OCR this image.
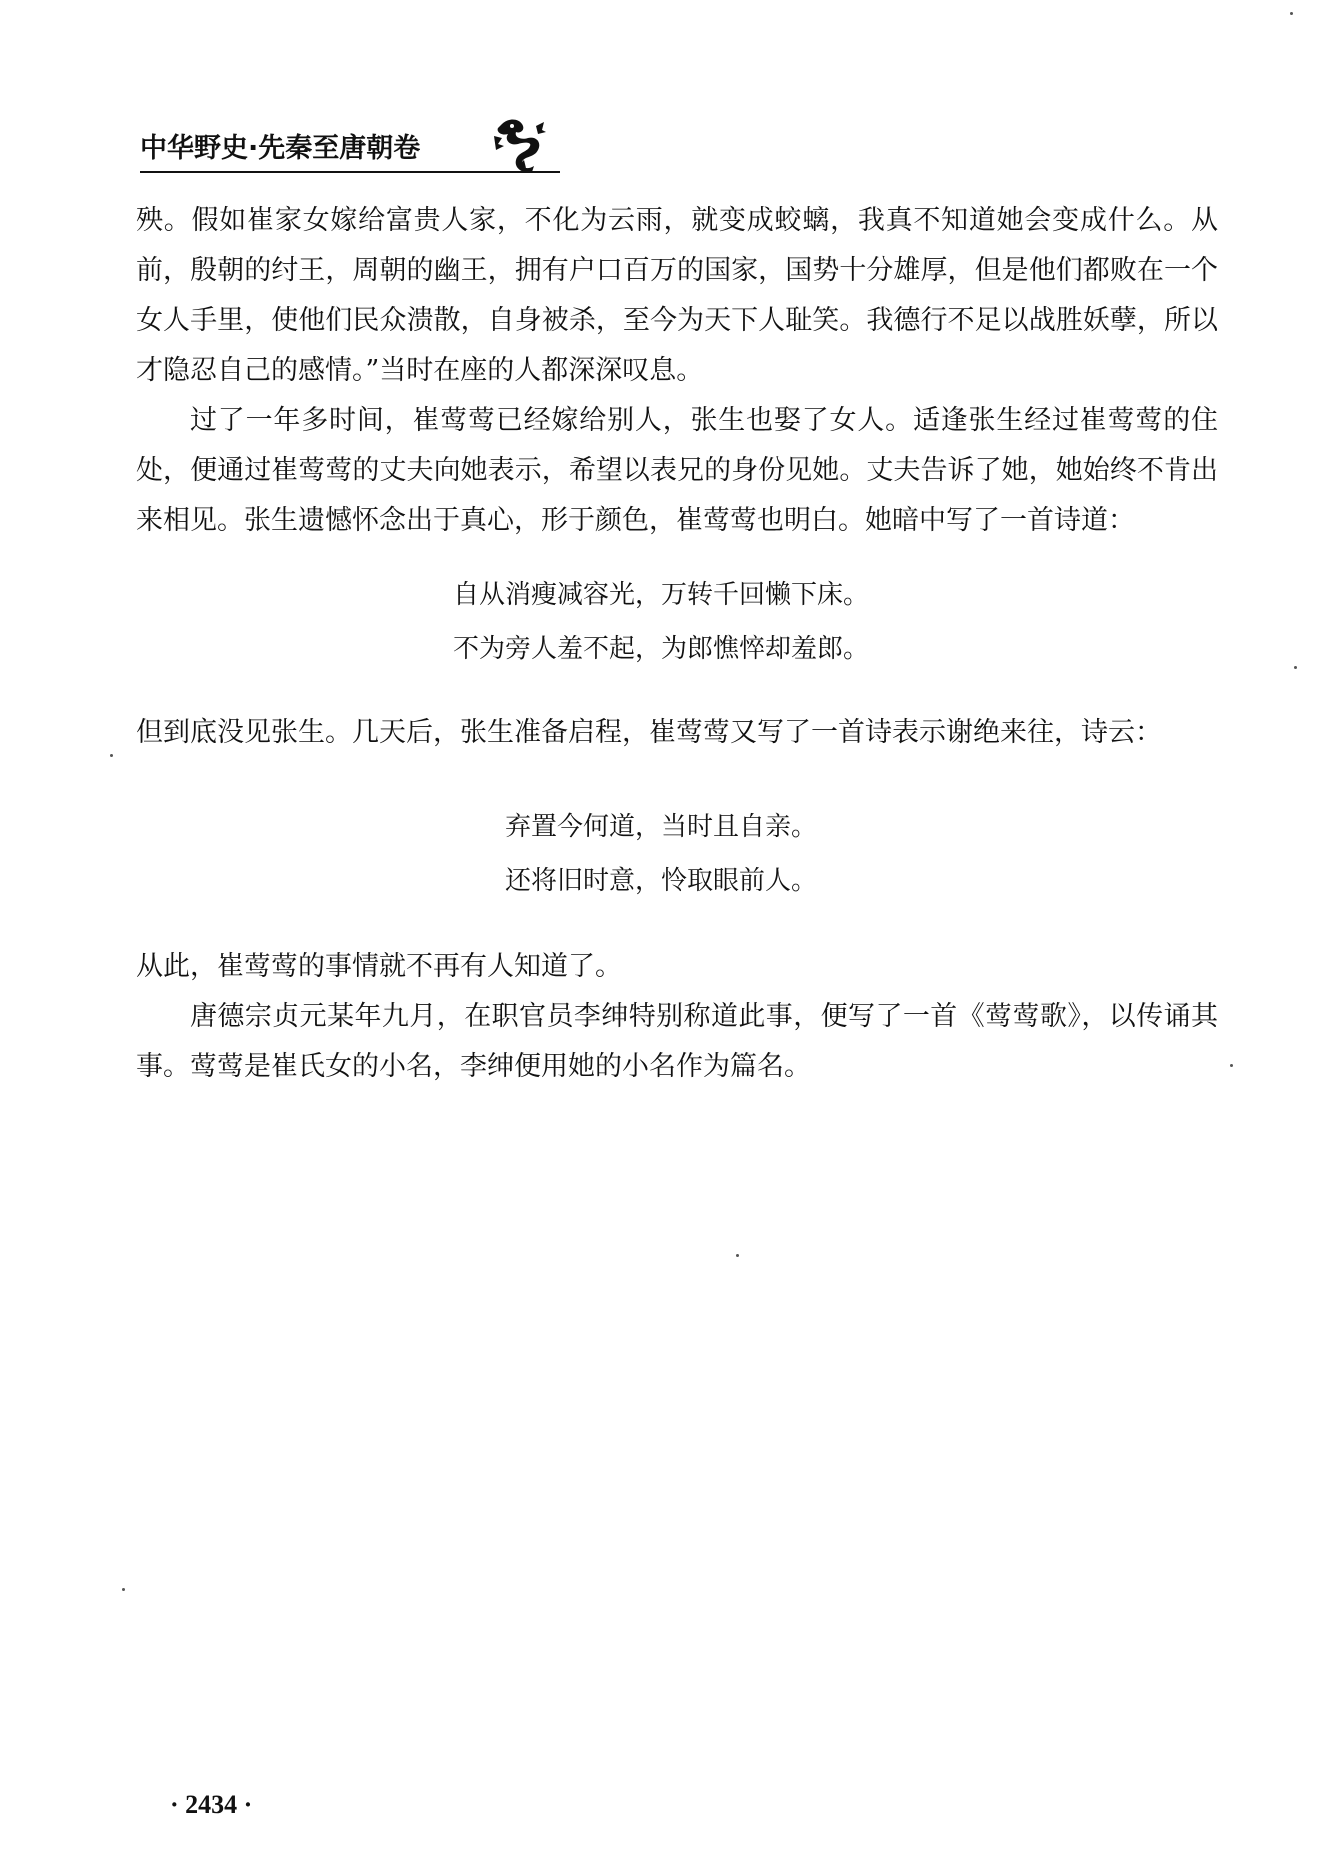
中华野史·先秦至唐朝卷

殃。假如崔家女嫁给富贵人家，不化为云雨，就变成蛟螭，我真不知道她会变成什么。从前，殷朝的纣王，周朝的幽王，拥有户口百万的国家，国势十分雄厚，但是他们都败在一个女人手里，使他们民众溃散，自身被杀，至今为天下人耻笑。我德行不足以战胜妖孽，所以才隐忍自己的感情。”当时在座的人都深深叹息。

过了一年多时间，崔莺莺已经嫁给别人，张生也娶了女人。适逢张生经过崔莺莺的住处，便通过崔莺莺的丈夫向她表示，希望以表兄的身份见她。丈夫告诉了她，她始终不肯出来相见。张生遗憾怀念出于真心，形于颜色，崔莺莺也明白。她暗中写了一首诗道：

自从消瘦减容光，万转千回懒下床。
不为旁人羞不起，为郎憔悴却羞郎。

但到底没见张生。几天后，张生准备启程，崔莺莺又写了一首诗表示谢绝来往，诗云：

弃置今何道，当时且自亲。
还将旧时意，怜取眼前人。

从此，崔莺莺的事情就不再有人知道了。

唐德宗贞元某年九月，在职官员李绅特别称道此事，便写了一首《莺莺歌》，以传诵其事。莺莺是崔氏女的小名，李绅便用她的小名作为篇名。

· 2434 ·
